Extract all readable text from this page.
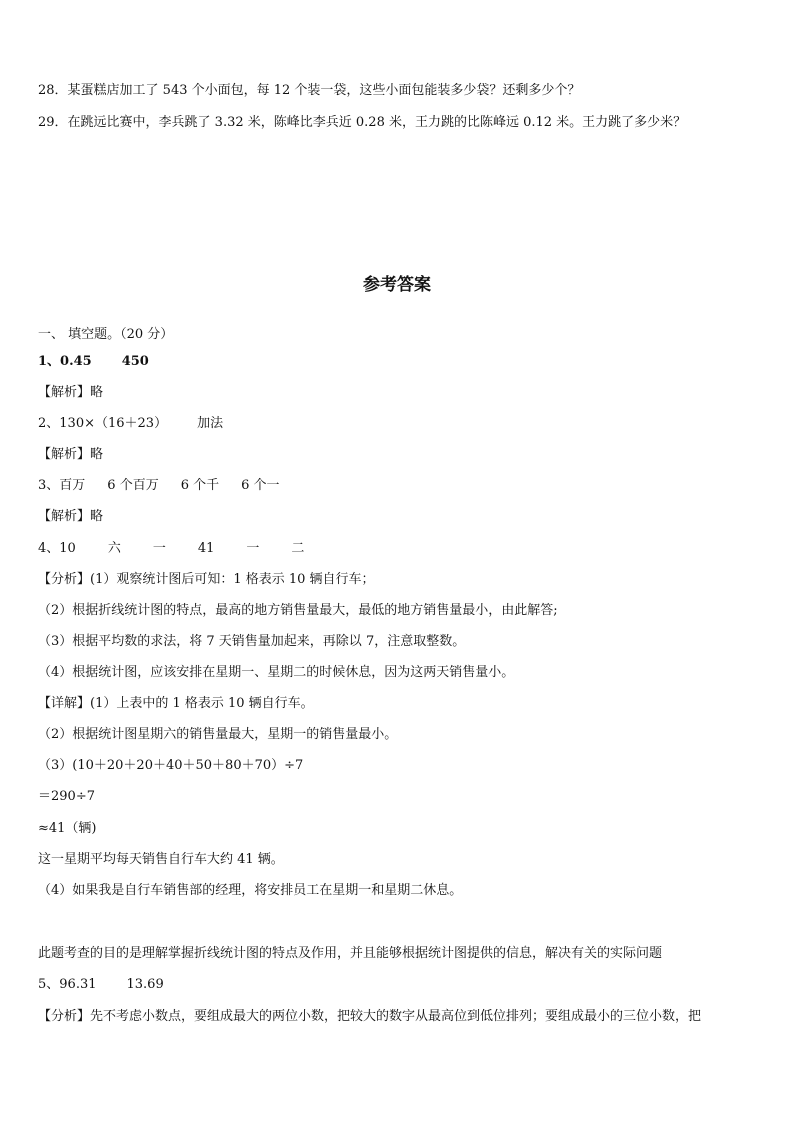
28．某蛋糕店加工了 543 个小面包，每 12 个装一袋，这些小面包能装多少袋？还剩多少个？
29．在跳远比赛中，李兵跳了 3.32 米，陈峰比李兵近 0.28 米，王力跳的比陈峰远 0.12 米。王力跳了多少米？
参考答案
一、 填空题。（20 分）
1、0.45 450
【解析】略
2、130×（16＋23） 加法
【解析】略
3、百万 6 个百万 6 个千 6 个一
【解析】略
4、10 六 一 41 一 二
【分析】(1）观察统计图后可知：1 格表示 10 辆自行车；
（2）根据折线统计图的特点，最高的地方销售量最大，最低的地方销售量最小，由此解答;
（3）根据平均数的求法，将 7 天销售量加起来，再除以 7，注意取整数。
（4）根据统计图，应该安排在星期一、星期二的时候休息，因为这两天销售量小。
【详解】(1）上表中的 1 格表示 10 辆自行车。
（2）根据统计图星期六的销售量最大，星期一的销售量最小。
（3）(10＋20＋20＋40＋50＋80＋70）÷7
＝290÷7
≈41（辆)
这一星期平均每天销售自行车大约 41 辆。
（4）如果我是自行车销售部的经理，将安排员工在星期一和星期二休息。
此题考查的目的是理解掌握折线统计图的特点及作用，并且能够根据统计图提供的信息，解决有关的实际问题
5、96.31 13.69
【分析】先不考虑小数点，要组成最大的两位小数，把较大的数字从最高位到低位排列；要组成最小的三位小数，把
